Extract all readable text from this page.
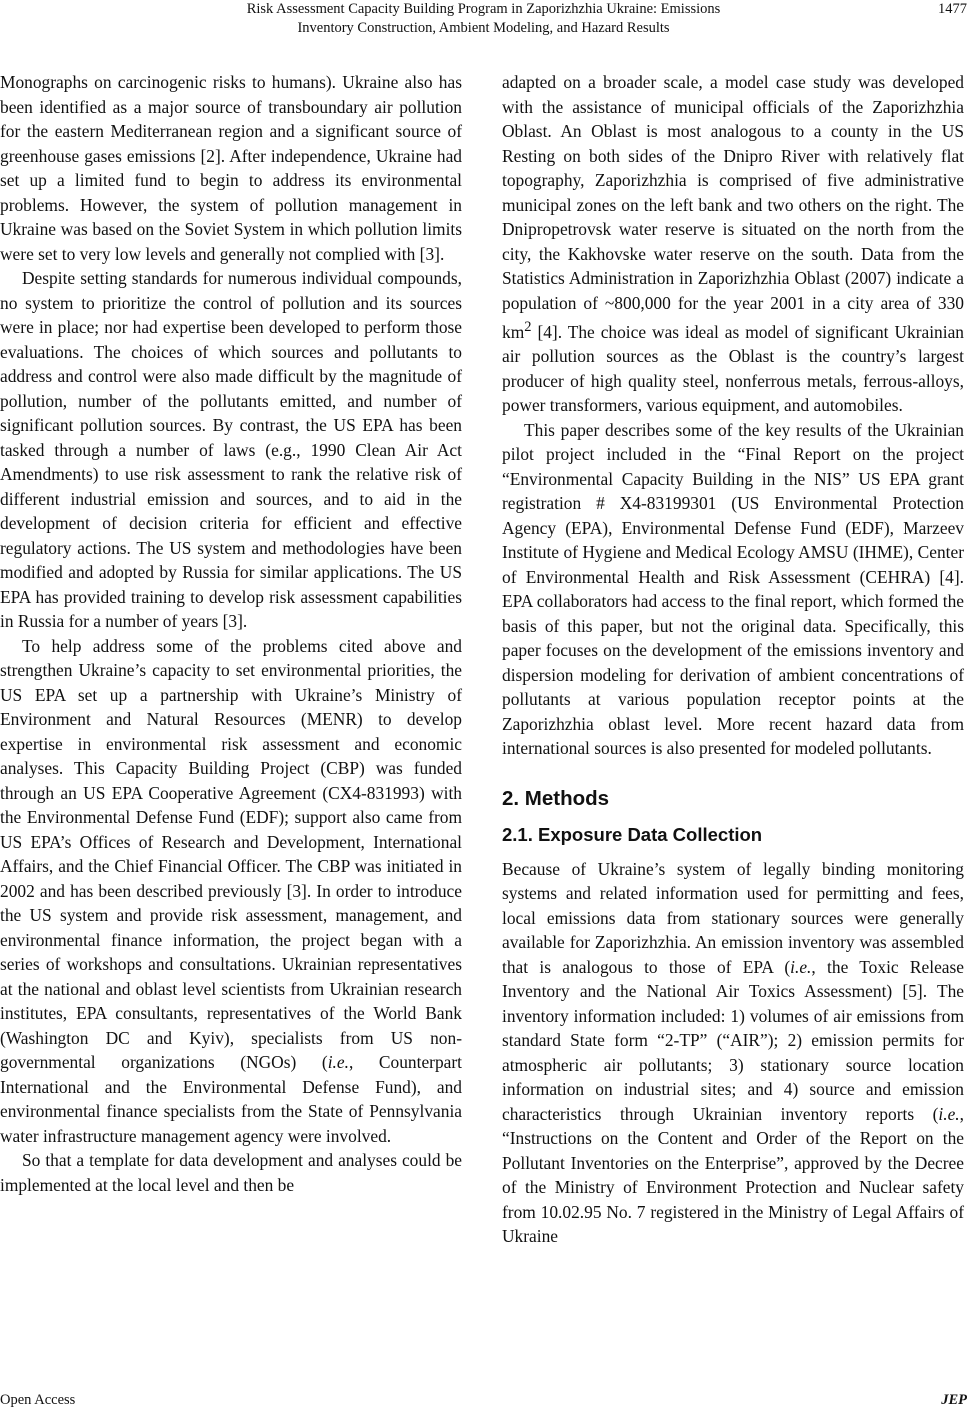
Risk Assessment Capacity Building Program in Zaporizhzhia Ukraine: Emissions
Inventory Construction, Ambient Modeling, and Hazard Results
1477

Monographs on carcinogenic risks to humans). Ukraine also has been identified as a major source of transboundary air pollution for the eastern Mediterranean region and a significant source of greenhouse gases emissions [2]. After independence, Ukraine had set up a limited fund to begin to address its environmental problems. However, the system of pollution management in Ukraine was based on the Soviet System in which pollution limits were set to very low levels and generally not complied with [3].

Despite setting standards for numerous individual compounds, no system to prioritize the control of pollution and its sources were in place; nor had expertise been developed to perform those evaluations. The choices of which sources and pollutants to address and control were also made difficult by the magnitude of pollution, number of the pollutants emitted, and number of significant pollution sources. By contrast, the US EPA has been tasked through a number of laws (e.g., 1990 Clean Air Act Amendments) to use risk assessment to rank the relative risk of different industrial emission and sources, and to aid in the development of decision criteria for efficient and effective regulatory actions. The US system and methodologies have been modified and adopted by Russia for similar applications. The US EPA has provided training to develop risk assessment capabilities in Russia for a number of years [3].

To help address some of the problems cited above and strengthen Ukraine’s capacity to set environmental priorities, the US EPA set up a partnership with Ukraine’s Ministry of Environment and Natural Resources (MENR) to develop expertise in environmental risk assessment and economic analyses. This Capacity Building Project (CBP) was funded through an US EPA Cooperative Agreement (CX4-831993) with the Environmental Defense Fund (EDF); support also came from US EPA’s Offices of Research and Development, International Affairs, and the Chief Financial Officer. The CBP was initiated in 2002 and has been described previously [3]. In order to introduce the US system and provide risk assessment, management, and environmental finance information, the project began with a series of workshops and consultations. Ukrainian representatives at the national and oblast level scientists from Ukrainian research institutes, EPA consultants, representatives of the World Bank (Washington DC and Kyiv), specialists from US non-governmental organizations (NGOs) (i.e., Counterpart International and the Environmental Defense Fund), and environmental finance specialists from the State of Pennsylvania water infrastructure management agency were involved.

So that a template for data development and analyses could be implemented at the local level and then be

adapted on a broader scale, a model case study was developed with the assistance of municipal officials of the Zaporizhzhia Oblast. An Oblast is most analogous to a county in the US Resting on both sides of the Dnipro River with relatively flat topography, Zaporizhzhia is comprised of five administrative municipal zones on the left bank and two others on the right. The Dnipropetrovsk water reserve is situated on the north from the city, the Kakhovske water reserve on the south. Data from the Statistics Administration in Zaporizhzhia Oblast (2007) indicate a population of ~800,000 for the year 2001 in a city area of 330 $km^2$ [4]. The choice was ideal as model of significant Ukrainian air pollution sources as the Oblast is the country’s largest producer of high quality steel, nonferrous metals, ferrous-alloys, power transformers, various equipment, and automobiles.

This paper describes some of the key results of the Ukrainian pilot project included in the “Final Report on the project “Environmental Capacity Building in the NIS” US EPA grant registration # X4-83199301 (US Environmental Protection Agency (EPA), Environmental Defense Fund (EDF), Marzeev Institute of Hygiene and Medical Ecology AMSU (IHME), Center of Environmental Health and Risk Assessment (CEHRA) [4]. EPA collaborators had access to the final report, which formed the basis of this paper, but not the original data. Specifically, this paper focuses on the development of the emissions inventory and dispersion modeling for derivation of ambient concentrations of pollutants at various population receptor points at the Zaporizhzhia oblast level. More recent hazard data from international sources is also presented for modeled pollutants.

2. Methods
2.1. Exposure Data Collection

Because of Ukraine’s system of legally binding monitoring systems and related information used for permitting and fees, local emissions data from stationary sources were generally available for Zaporizhzhia. An emission inventory was assembled that is analogous to those of EPA (i.e., the Toxic Release Inventory and the National Air Toxics Assessment) [5]. The inventory information included: 1) volumes of air emissions from standard State form “2-TP” (“AIR”); 2) emission permits for atmospheric air pollutants; 3) stationary source location information on industrial sites; and 4) source and emission characteristics through Ukrainian inventory reports (i.e., “Instructions on the Content and Order of the Report on the Pollutant Inventories on the Enterprise”, approved by the Decree of the Ministry of Environment Protection and Nuclear safety from 10.02.95 No. 7 registered in the Ministry of Legal Affairs of Ukraine

Open Access	JEP
